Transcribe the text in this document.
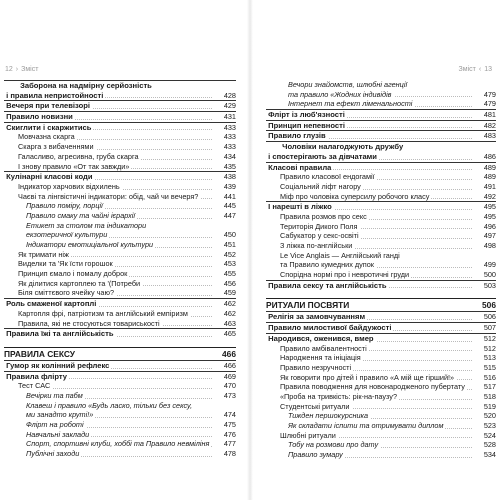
12 › Зміст	Зміст ‹ 13
Заборона на надмірну серйозність
і правила непристойності	428
Вечеря при телевізорі	429
Правило новизни	431
Скиглити і скаржитись	433
Мовчазна скарга	433
Скарга з вибаченнями	433
Галасливо, агресивна, груба скарга	434
І знову правило «От так завжди»	435
Кулінарні класові коди	438
Індикатор харчових відхилень	439
Чаєві та лінгвістичні індикатори: обід, чай чи вечеря?	441
Правило поміру, порції	445
Правило смаку та чайні ієрархії	447
Етикет за столом та індикатори
екзотеричної культури	450
Індикатори емотиціальної культури	451
Як тримати ніж	452
Виделки та 'Як їсти горошок	453
Принцип ємало і помалу доброк	455
Як ділитися картоплею та '(Потреби	456
Біля сміттєвого ячейку чаю?	459
Роль смаженої картоплі	462
Картопля фрі, патріотизм та англійський емпіризм	462
Правила, які не стосуються товариськості	463
Правила їжі та англійськість	465
ПРАВИЛА СЕКСУ	466
Гумор як колінний рефлекс	466
Правила флірту	469
Тест САС	470
Вечірки та пабм	473
Клавеш і правило «Будь ласко, тільки без сексу,
ми занадто круті!»	474
Флірт на роботі	475
Навчальні заклади	476
Спорт, спортивні клуби, хоббі та Правило невміліня	477
Публічні заходи	478
Вечори знайомств, шлюбні агенції
та правило «Жодних індивідів	479
Інтернет та ефект ліменальності	479
Флірт із люб'язності	481
Принцип непевності	482
Правило глузів	483
Чоловіки налагоджують дружбу
і спостерігають за дівчатами	486
Класові правила	489
Правило класової ендогамії	489
Соціальний ліфт нагору	491
Міф про чоловіка суперсилу робочого класу	492
І нарешті в ліжко	495
Правила розмов про секс	495
Територія Дикого Поля	496
Сабукатор у секс-освіті	497
З ліжка по-англійськи	498
Le Vice Anglais — Англійський ганді
та Правило кумедних дупок	499
Спорідна нормі про і невротичні груди	500
Правила сексу та англійськість	503
РИТУАЛИ ПОСВЯТИ	506
Релігія за замовчуванням	506
Правило милостивої байдужості	507
Народився, оженився, вмер	512
Правило амбівалентності	512
Народження та ініціація	513
Правило незручності	515
Як говорити про дітей і правило «А мій ще гірший!»	516
Правила поводження для новонародженого пубертату	517
«Проба на тривкість: рік-на-паузу?	518
Студентські ритуали	519
Тижден першокурсника	520
Як складати іспити та отримувати диплом	523
Шлюбні ритуали	524
Тобу на розмови про дату	528
Правило зумару	534
